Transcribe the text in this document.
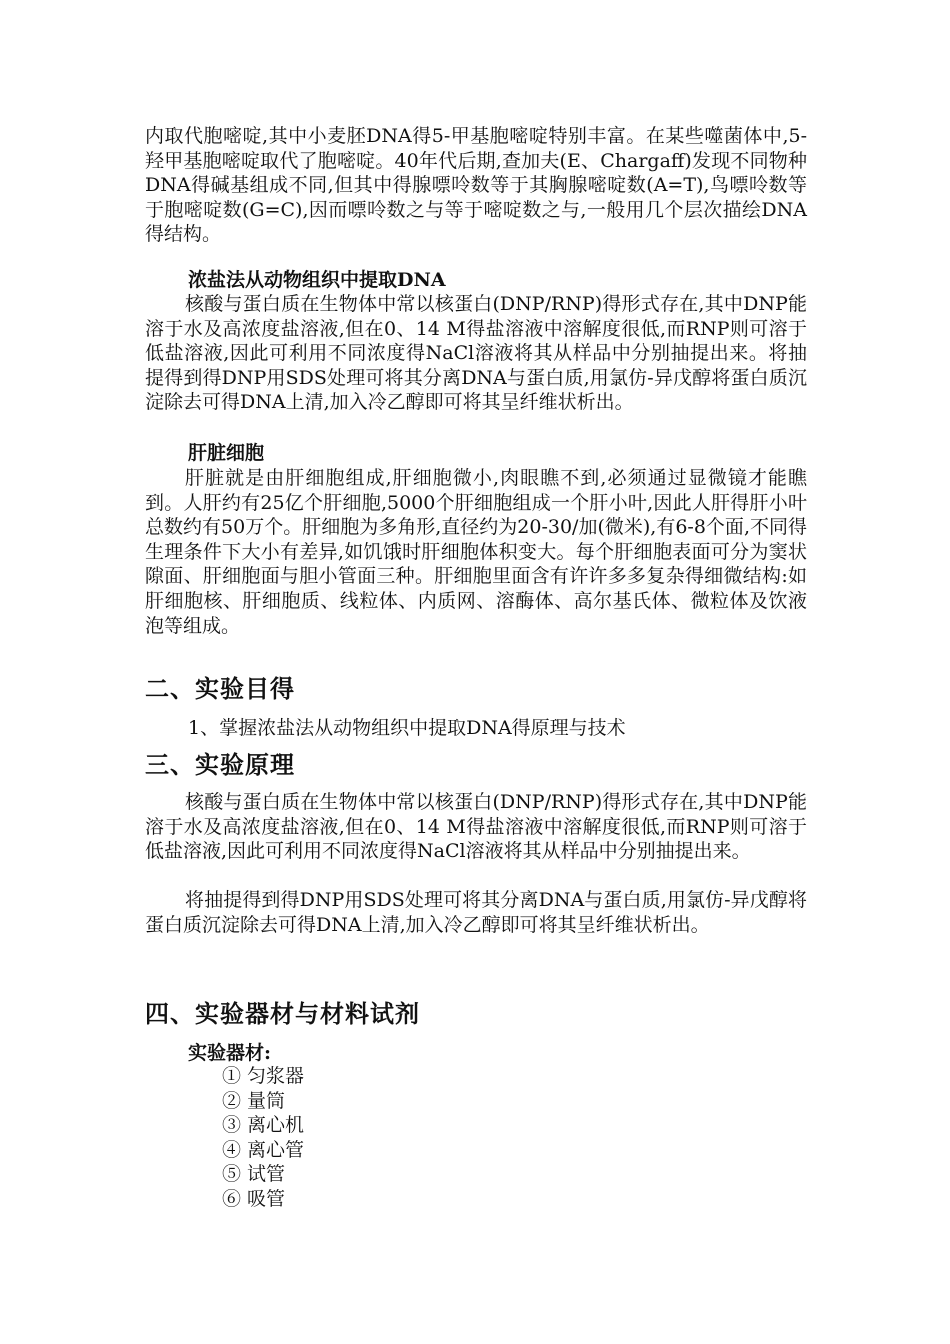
内取代胞嘧啶,其中小麦胚DNA得5-甲基胞嘧啶特别丰富。在某些噬菌体中,5-羟甲基胞嘧啶取代了胞嘧啶。40年代后期,查加夫(E、Chargaff)发现不同物种DNA得碱基组成不同,但其中得腺嘌呤数等于其胸腺嘧啶数(A=T),鸟嘌呤数等于胞嘧啶数(G=C),因而嘌呤数之与等于嘧啶数之与,一般用几个层次描绘DNA得结构。

浓盐法从动物组织中提取DNA

核酸与蛋白质在生物体中常以核蛋白(DNP/RNP)得形式存在,其中DNP能溶于水及高浓度盐溶液,但在0、14 M得盐溶液中溶解度很低,而RNP则可溶于低盐溶液,因此可利用不同浓度得NaCl溶液将其从样品中分别抽提出来。将抽提得到得DNP用SDS处理可将其分离DNA与蛋白质,用氯仿-异戊醇将蛋白质沉淀除去可得DNA上清,加入冷乙醇即可将其呈纤维状析出。

肝脏细胞

肝脏就是由肝细胞组成,肝细胞微小,肉眼瞧不到,必须通过显微镜才能瞧到。人肝约有25亿个肝细胞,5000个肝细胞组成一个肝小叶,因此人肝得肝小叶总数约有50万个。肝细胞为多角形,直径约为20-30/加(微米),有6-8个面,不同得生理条件下大小有差异,如饥饿时肝细胞体积变大。每个肝细胞表面可分为窦状隙面、肝细胞面与胆小管面三种。肝细胞里面含有许许多多复杂得细微结构:如肝细胞核、肝细胞质、线粒体、内质网、溶酶体、高尔基氏体、微粒体及饮液泡等组成。

二、实验目得
1、掌握浓盐法从动物组织中提取DNA得原理与技术
三、实验原理

核酸与蛋白质在生物体中常以核蛋白(DNP/RNP)得形式存在,其中DNP能溶于水及高浓度盐溶液,但在0、14 M得盐溶液中溶解度很低,而RNP则可溶于低盐溶液,因此可利用不同浓度得NaCl溶液将其从样品中分别抽提出来。

将抽提得到得DNP用SDS处理可将其分离DNA与蛋白质,用氯仿-异戊醇将蛋白质沉淀除去可得DNA上清,加入冷乙醇即可将其呈纤维状析出。

四、实验器材与材料试剂
实验器材:
① 匀浆器
② 量筒
③ 离心机
④ 离心管
⑤ 试管
⑥ 吸管
